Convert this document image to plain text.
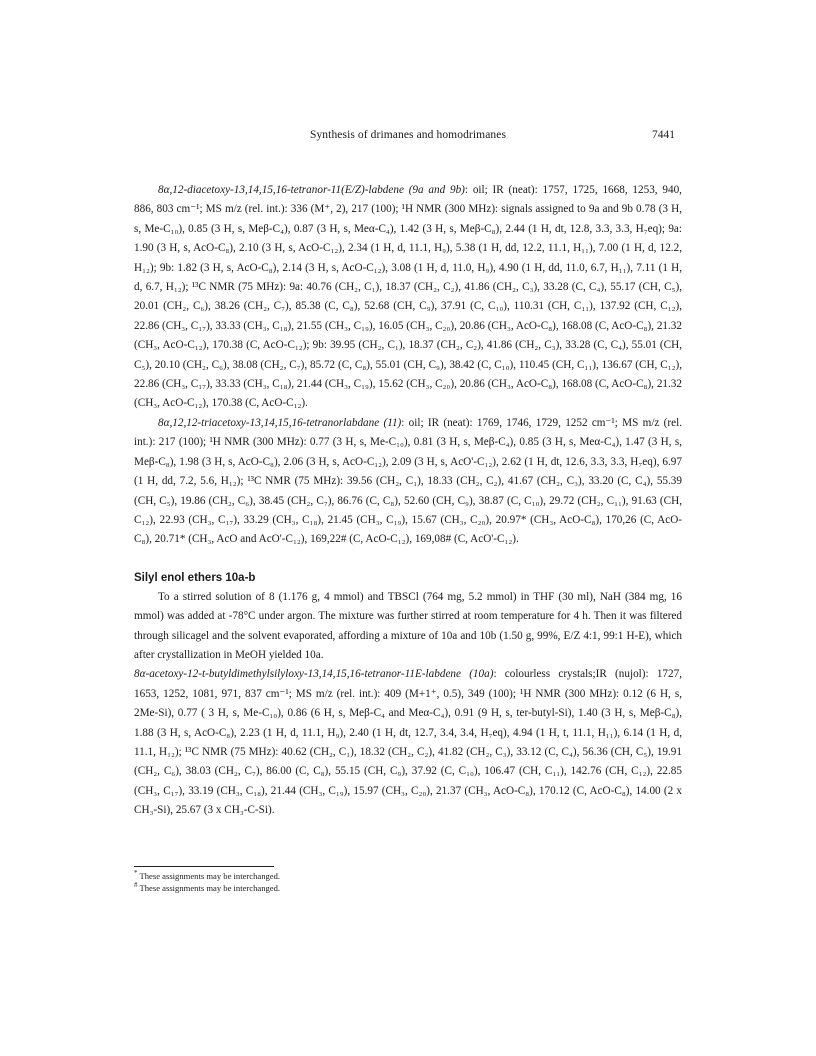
Synthesis of drimanes and homodrimanes	7441

8α,12-diacetoxy-13,14,15,16-tetranor-11(E/Z)-labdene (9a and 9b): oil; IR (neat): 1757, 1725, 1668, 1253, 940, 886, 803 cm⁻¹; MS m/z (rel. int.): 336 (M⁺, 2), 217 (100); ¹H NMR (300 MHz): signals assigned to 9a and 9b 0.78 (3 H, s, Me-C₁₀), 0.85 (3 H, s, Meβ-C₄), 0.87 (3 H, s, Meα-C₄), 1.42 (3 H, s, Meβ-C₈), 2.44 (1 H, dt, 12.8, 3.3, 3.3, H₇eq); 9a: 1.90 (3 H, s, AcO-C₈), 2.10 (3 H, s, AcO-C₁₂), 2.34 (1 H, d, 11.1, H₉), 5.38 (1 H, dd, 12.2, 11.1, H₁₁), 7.00 (1 H, d, 12.2, H₁₂); 9b: 1.82 (3 H, s, AcO-C₈), 2.14 (3 H, s, AcO-C₁₂), 3.08 (1 H, d, 11.0, H₉), 4.90 (1 H, dd, 11.0, 6.7, H₁₁), 7.11 (1 H, d, 6.7, H₁₂); ¹³C NMR (75 MHz): 9a: 40.76 (CH₂, C₁), 18.37 (CH₂, C₂), 41.86 (CH₂, C₃), 33.28 (C, C₄), 55.17 (CH, C₅), 20.01 (CH₂, C₆), 38.26 (CH₂, C₇), 85.38 (C, C₈), 52.68 (CH, C₉), 37.91 (C, C₁₀), 110.31 (CH, C₁₁), 137.92 (CH, C₁₂), 22.86 (CH₃, C₁₇), 33.33 (CH₃, C₁₈), 21.55 (CH₃, C₁₉), 16.05 (CH₃, C₂₀), 20.86 (CH₃, AcO-C₈), 168.08 (C, AcO-C₈), 21.32 (CH₃, AcO-C₁₂), 170.38 (C, AcO-C₁₂); 9b: 39.95 (CH₂, C₁), 18.37 (CH₂, C₂), 41.86 (CH₂, C₃), 33.28 (C, C₄), 55.01 (CH, C₅), 20.10 (CH₂, C₆), 38.08 (CH₂, C₇), 85.72 (C, C₈), 55.01 (CH, C₉), 38.42 (C, C₁₀), 110.45 (CH, C₁₁), 136.67 (CH, C₁₂), 22.86 (CH₃, C₁₇), 33.33 (CH₃, C₁₈), 21.44 (CH₃, C₁₉), 15.62 (CH₃, C₂₀), 20.86 (CH₃, AcO-C₈), 168.08 (C, AcO-C₈), 21.32 (CH₃, AcO-C₁₂), 170.38 (C, AcO-C₁₂).

8α,12,12-triacetoxy-13,14,15,16-tetranorlabdane (11): oil; IR (neat): 1769, 1746, 1729, 1252 cm⁻¹; MS m/z (rel. int.): 217 (100); ¹H NMR (300 MHz): 0.77 (3 H, s, Me-C₁₀), 0.81 (3 H, s, Meβ-C₄), 0.85 (3 H, s, Meα-C₄), 1.47 (3 H, s, Meβ-C₈), 1.98 (3 H, s, AcO-C₈), 2.06 (3 H, s, AcO-C₁₂), 2.09 (3 H, s, AcO'-C₁₂), 2.62 (1 H, dt, 12.6, 3.3, 3.3, H₇eq), 6.97 (1 H, dd, 7.2, 5.6, H₁₂); ¹³C NMR (75 MHz): 39.56 (CH₂, C₁), 18.33 (CH₂, C₂), 41.67 (CH₂, C₃), 33.20 (C, C₄), 55.39 (CH, C₅), 19.86 (CH₂, C₆), 38.45 (CH₂, C₇), 86.76 (C, C₈), 52.60 (CH, C₉), 38.87 (C, C₁₀), 29.72 (CH₂, C₁₁), 91.63 (CH, C₁₂), 22.93 (CH₃, C₁₇), 33.29 (CH₃, C₁₈), 21.45 (CH₃, C₁₉), 15.67 (CH₃, C₂₀), 20.97* (CH₃, AcO-C₈), 170,26 (C, AcO-C₈), 20.71* (CH₃, AcO and AcO'-C₁₂), 169,22# (C, AcO-C₁₂), 169,08# (C, AcO'-C₁₂).

Silyl enol ethers 10a-b

To a stirred solution of 8 (1.176 g, 4 mmol) and TBSCl (764 mg, 5.2 mmol) in THF (30 ml), NaH (384 mg, 16 mmol) was added at -78°C under argon. The mixture was further stirred at room temperature for 4 h. Then it was filtered through silicagel and the solvent evaporated, affording a mixture of 10a and 10b (1.50 g, 99%, E/Z 4:1, 99:1 H-E), which after crystallization in MeOH yielded 10a.

8α-acetoxy-12-t-butyldimethylsilyloxy-13,14,15,16-tetranor-11E-labdene (10a): colourless crystals;IR (nujol): 1727, 1653, 1252, 1081, 971, 837 cm⁻¹; MS m/z (rel. int.): 409 (M+1⁺, 0.5), 349 (100); ¹H NMR (300 MHz): 0.12 (6 H, s, 2Me-Si), 0.77 ( 3 H, s, Me-C₁₀), 0.86 (6 H, s, Meβ-C₄ and Meα-C₄), 0.91 (9 H, s, ter-butyl-Si), 1.40 (3 H, s, Meβ-C₈), 1.88 (3 H, s, AcO-C₈), 2.23 (1 H, d, 11.1, H₉), 2.40 (1 H, dt, 12.7, 3.4, 3.4, H₇eq), 4.94 (1 H, t, 11.1, H₁₁), 6.14 (1 H, d, 11.1, H₁₂); ¹³C NMR (75 MHz): 40.62 (CH₂, C₁), 18.32 (CH₂, C₂), 41.82 (CH₂, C₃), 33.12 (C, C₄), 56.36 (CH, C₅), 19.91 (CH₂, C₆), 38.03 (CH₂, C₇), 86.00 (C, C₈), 55.15 (CH, C₉), 37.92 (C, C₁₀), 106.47 (CH, C₁₁), 142.76 (CH, C₁₂), 22.85 (CH₃, C₁₇), 33.19 (CH₃, C₁₈), 21.44 (CH₃, C₁₉), 15.97 (CH₃, C₂₀), 21.37 (CH₃, AcO-C₈), 170.12 (C, AcO-C₈), 14.00 (2 x CH₃-Si), 25.67 (3 x CH₃-C-Si).

* These assignments may be interchanged.

# These assignments may be interchanged.
